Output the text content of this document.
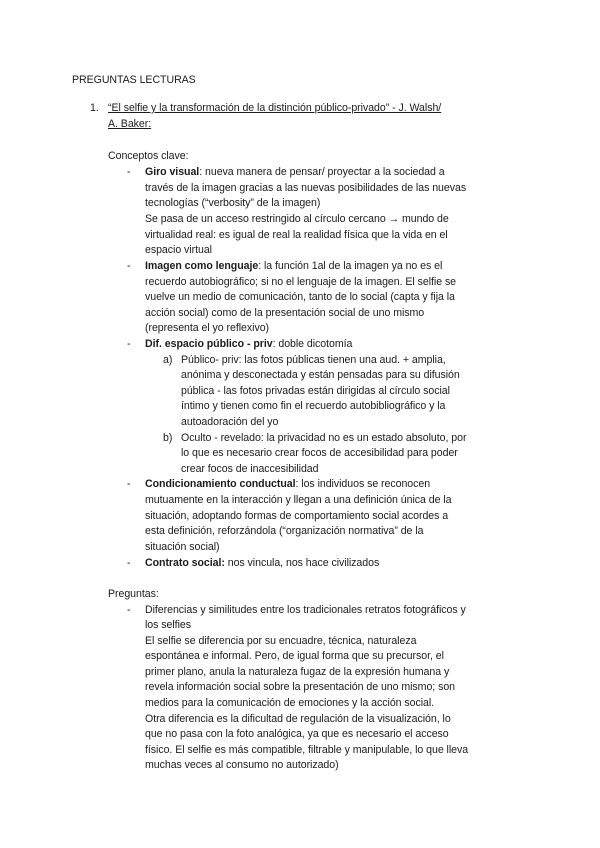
PREGUNTAS LECTURAS
1. “El selfie y la transformación de la distinción público-privado” - J. Walsh/
A. Baker:
Conceptos clave:
- Giro visual: nueva manera de pensar/ proyectar a la sociedad a
través de la imagen gracias a las nuevas posibilidades de las nuevas
tecnologías (“verbosity” de la imagen)
Se pasa de un acceso restringido al círculo cercano → mundo de
virtualidad real: es igual de real la realidad física que la vida en el
espacio virtual
- Imagen como lenguaje: la función 1al de la imagen ya no es el
recuerdo autobiográfico; si no el lenguaje de la imagen. El selfie se
vuelve un medio de comunicación, tanto de lo social (capta y fija la
acción social) como de la presentación social de uno mismo
(representa el yo reflexivo)
- Dif. espacio público - priv: doble dicotomía
a) Público- priv: las fotos públicas tienen una aud. + amplia,
anónima y desconectada y están pensadas para su difusión
pública - las fotos privadas están dirigidas al círculo social
íntimo y tienen como fin el recuerdo autobibliográfico y la
autoadoración del yo
b) Oculto - revelado: la privacidad no es un estado absoluto, por
lo que es necesario crear focos de accesibilidad para poder
crear focos de inaccesibilidad
- Condicionamiento conductual: los individuos se reconocen
mutuamente en la interacción y llegan a una definición única de la
situación, adoptando formas de comportamiento social acordes a
esta definición, reforzándola (“organización normativa” de la
situación social)
- Contrato social: nos vincula, nos hace civilizados
Preguntas:
- Diferencias y similitudes entre los tradicionales retratos fotográficos y
los selfies
El selfie se diferencia por su encuadre, técnica, naturaleza
espontánea e informal. Pero, de igual forma que su precursor, el
primer plano, anula la naturaleza fugaz de la expresión humana y
revela información social sobre la presentación de uno mismo; son
medios para la comunicación de emociones y la acción social.
Otra diferencia es la dificultad de regulación de la visualización, lo
que no pasa con la foto analógica, ya que es necesario el acceso
físico. El selfie es más compatible, filtrable y manipulable, lo que lleva
muchas veces al consumo no autorizado)
